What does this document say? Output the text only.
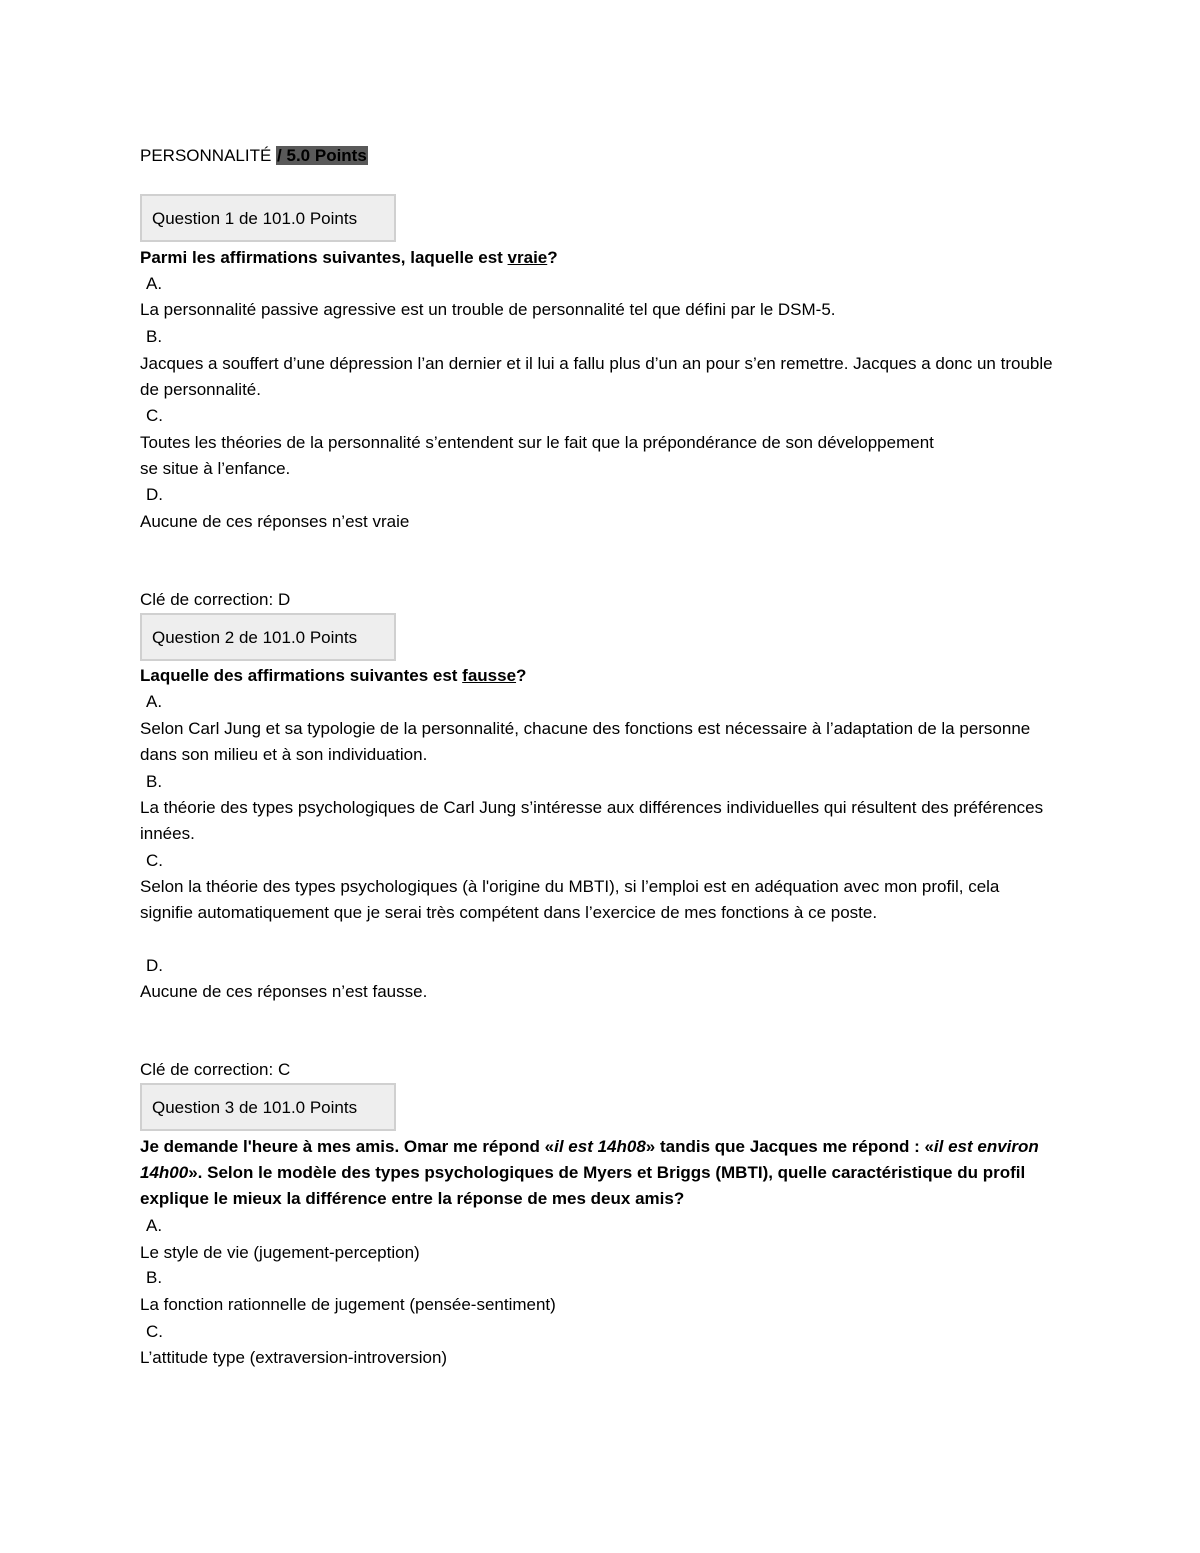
PERSONNALITÉ / 5.0 Points
Question 1 de 101.0 Points
Parmi les affirmations suivantes, laquelle est vraie?
A.
La personnalité passive agressive est un trouble de personnalité tel que défini par le DSM-5.
B.
Jacques a souffert d’une dépression l’an dernier et il lui a fallu plus d’un an pour s’en remettre. Jacques a donc un trouble de personnalité.
C.
Toutes les théories de la personnalité s’entendent sur le fait que la prépondérance de son développement se situe à l’enfance.
D.
Aucune de ces réponses n’est vraie
Clé de correction: D
Question 2 de 101.0 Points
Laquelle des affirmations suivantes est fausse?
A.
Selon Carl Jung et sa typologie de la personnalité, chacune des fonctions est nécessaire à l’adaptation de la personne dans son milieu et à son individuation.
B.
La théorie des types psychologiques de Carl Jung s’intéresse aux différences individuelles qui résultent des préférences innées.
C.
Selon la théorie des types psychologiques (à l'origine du MBTI), si l’emploi est en adéquation avec mon profil, cela signifie automatiquement que je serai très compétent dans l’exercice de mes fonctions à ce poste.
D.
Aucune de ces réponses n’est fausse.
Clé de correction: C
Question 3 de 101.0 Points
Je demande l'heure à mes amis. Omar me répond «il est 14h08» tandis que Jacques me répond : «il est environ 14h00». Selon le modèle des types psychologiques de Myers et Briggs (MBTI), quelle caractéristique du profil explique le mieux la différence entre la réponse de mes deux amis?
A.
Le style de vie (jugement-perception)
B.
La fonction rationnelle de jugement (pensée-sentiment)
C.
L’attitude type (extraversion-introversion)
